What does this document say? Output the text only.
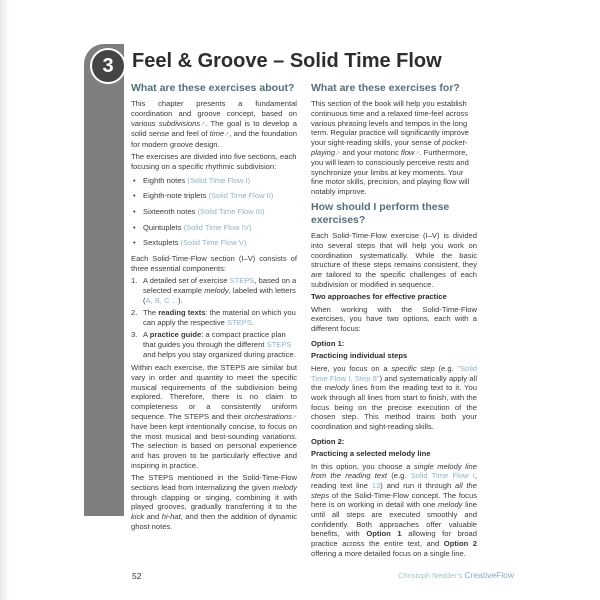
3 Feel & Groove – Solid Time Flow
What are these exercises about?

This chapter presents a fundamental coordination and groove concept, based on various subdivisions↗. The goal is to develop a solid sense and feel of time↗, and the foundation for modern groove design.

The exercises are divided into five sections, each focusing on a specific rhythmic subdivision:

• Eighth notes (Solid Time Flow I)
• Eighth-note triplets (Solid Time Flow II)
• Sixteenth notes (Solid Time Flow III)
• Quintuplets (Solid Time Flow IV)
• Sextuplets (Solid Time Flow V)

Each Solid-Time-Flow section (I–V) consists of three essential components:

1. A detailed set of exercise STEPS, based on a selected example melody, labeled with letters (A, B, C ...).
2. The reading texts: the material on which you can apply the respective STEPS.
3. A practice guide: a compact practice plan that guides you through the different STEPS and helps you stay organized during practice.

Within each exercise, the STEPS are similar but vary in order and quantity to meet the specific musical requirements of the subdivision being explored. Therefore, there is no claim to completeness or a consistently uniform sequence. The STEPS and their orchestrations↗ have been kept intentionally concise, to focus on the most musical and best-sounding variations. The selection is based on personal experience and has proven to be particularly effective and inspiring in practice.

The STEPS mentioned in the Solid-Time-Flow sections lead from internalizing the given melody through clapping or singing, combining it with played grooves, gradually transferring it to the kick and hi-hat, and then the addition of dynamic ghost notes.

What are these exercises for?

This section of the book will help you establish continuous time and a relaxed time-feel across various phrasing levels and tempos in the long term. Regular practice will significantly improve your sight-reading skills, your sense of pocket-playing↗ and your motoric flow↗. Furthermore, you will learn to consciously perceive rests and synchronize your limbs at key moments. Your fine motor skills, precision, and playing flow will notably improve.

How should I perform these exercises?

Each Solid-Time-Flow exercise (I–V) is divided into several steps that will help you work on coordination systematically. While the basic structure of these steps remains consistent, they are tailored to the specific challenges of each subdivision or modified in sequence.

Two approaches for effective practice

When working with the Solid-Time-Flow exercises, you have two options, each with a different focus:

Option 1:

Practicing individual steps

Here, you focus on a specific step (e.g. "Solid Time Flow I, Step 8") and systematically apply all the melody lines from the reading text to it. You work through all lines from start to finish, with the focus being on the precise execution of the chosen step. This method trains both your coordination and sight-reading skills.

Option 2:

Practicing a selected melody line

In this option, you choose a single melody line from the reading text (e.g. Solid Time Flow I, reading text line 13) and run it through all the steps of the Solid-Time-Flow concept. The focus here is on working in detail with one melody line until all steps are executed smoothly and confidently. Both approaches offer valuable benefits, with Option 1 allowing for broad practice across the entire text, and Option 2 offering a more detailed focus on a single line.

52	Christoph Nedder’s CreativeFlow
